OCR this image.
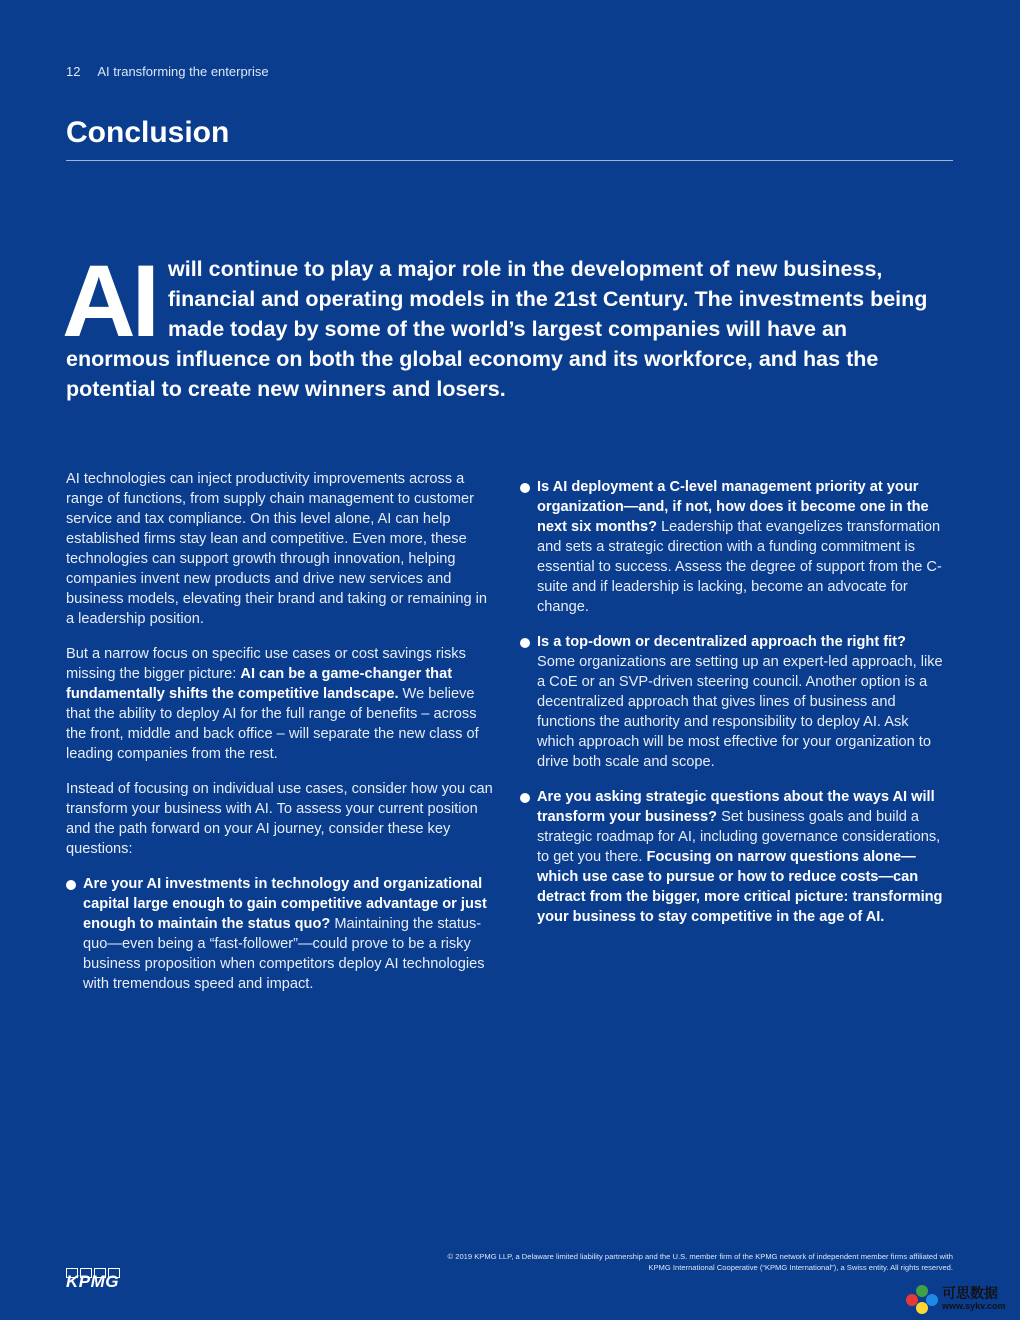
12 AI transforming the enterprise
Conclusion
AI will continue to play a major role in the development of new business, financial and operating models in the 21st Century. The investments being made today by some of the world’s largest companies will have an enormous influence on both the global economy and its workforce, and has the potential to create new winners and losers.

AI technologies can inject productivity improvements across a range of functions, from supply chain management to customer service and tax compliance. On this level alone, AI can help established firms stay lean and competitive. Even more, these technologies can support growth through innovation, helping companies invent new products and drive new services and business models, elevating their brand and taking or remaining in a leadership position.

But a narrow focus on specific use cases or cost savings risks missing the bigger picture: AI can be a game-changer that fundamentally shifts the competitive landscape. We believe that the ability to deploy AI for the full range of benefits – across the front, middle and back office – will separate the new class of leading companies from the rest.

Instead of focusing on individual use cases, consider how you can transform your business with AI. To assess your current position and the path forward on your AI journey, consider these key questions:

Are your AI investments in technology and organizational capital large enough to gain competitive advantage or just enough to maintain the status quo? Maintaining the status-quo—even being a “fast-follower”—could prove to be a risky business proposition when competitors deploy AI technologies with tremendous speed and impact.
Is AI deployment a C-level management priority at your organization—and, if not, how does it become one in the next six months? Leadership that evangelizes transformation and sets a strategic direction with a funding commitment is essential to success. Assess the degree of support from the C-suite and if leadership is lacking, become an advocate for change.
Is a top-down or decentralized approach the right fit? Some organizations are setting up an expert-led approach, like a CoE or an SVP-driven steering council. Another option is a decentralized approach that gives lines of business and functions the authority and responsibility to deploy AI. Ask which approach will be most effective for your organization to drive both scale and scope.
Are you asking strategic questions about the ways AI will transform your business? Set business goals and build a strategic roadmap for AI, including governance considerations, to get you there. Focusing on narrow questions alone—which use case to pursue or how to reduce costs—can detract from the bigger, more critical picture: transforming your business to stay competitive in the age of AI.
© 2019 KPMG LLP, a Delaware limited liability partnership and the U.S. member firm of the KPMG network of independent member firms affiliated with
KPMG International Cooperative (“KPMG International”), a Swiss entity. All rights reserved.
KPMG
可思数据
www.sykv.com
